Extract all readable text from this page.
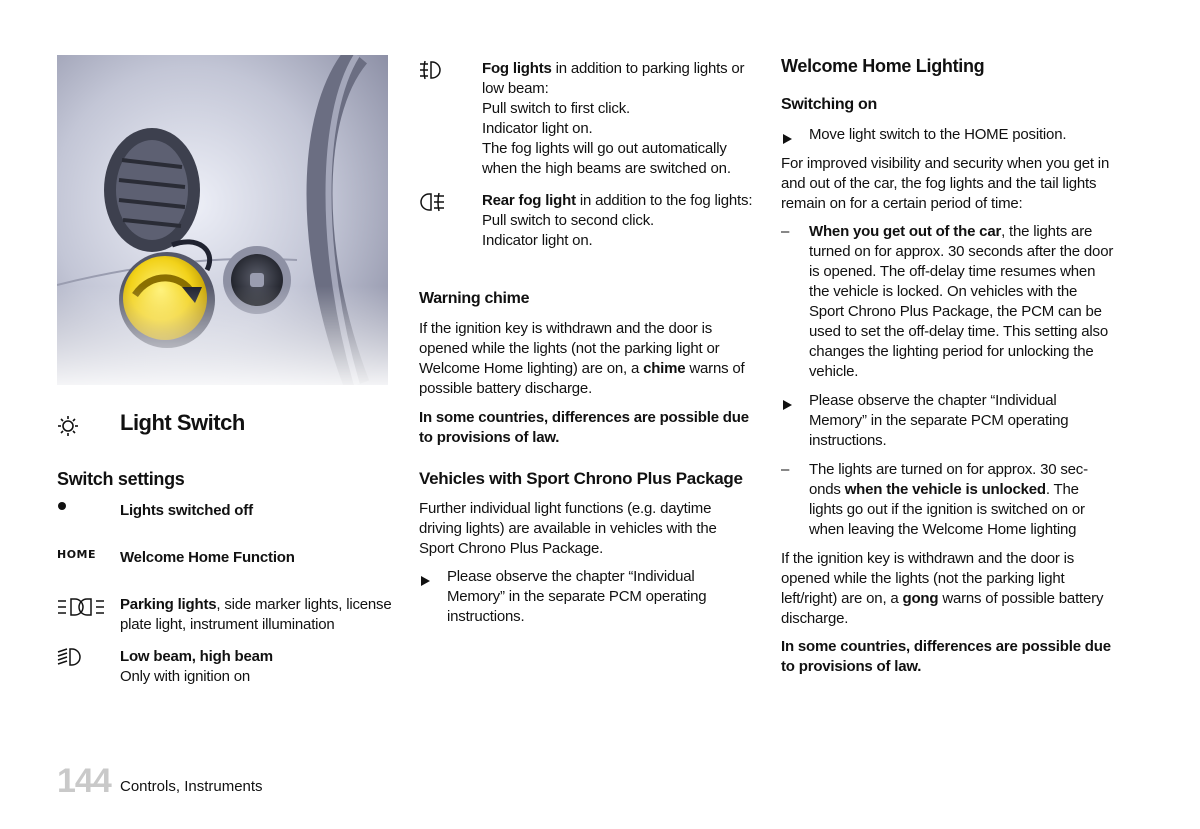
Light Switch
Switch settings
Lights switched off
HOME	Welcome Home Function
Parking lights, side marker lights, license plate light, instrument illumination
Low beam, high beam
Only with ignition on
Fog lights in addition to parking lights or low beam:
Pull switch to first click.
Indicator light on.
The fog lights will go out automatically when the high beams are switched on.
Rear fog light in addition to the fog lights:
Pull switch to second click.
Indicator light on.
Warning chime
If the ignition key is withdrawn and the door is opened while the lights (not the parking light or Welcome Home lighting) are on, a chime warns of possible battery discharge.
In some countries, differences are possible due to provisions of law.
Vehicles with Sport Chrono Plus Package
Further individual light functions (e.g. daytime driving lights) are available in vehicles with the Sport Chrono Plus Package.
Please observe the chapter “Individual Memory” in the separate PCM operating instructions.
Welcome Home Lighting
Switching on
Move light switch to the HOME position.
For improved visibility and security when you get in and out of the car, the fog lights and the tail lights remain on for a certain period of time:
–	When you get out of the car, the lights are turned on for approx. 30 seconds after the door is opened. The off-delay time resumes when the vehicle is locked. On vehicles with the Sport Chrono Plus Package, the PCM can be used to set the off-delay time. This setting also changes the lighting period for unlocking the vehicle.
Please observe the chapter “Individual Memory” in the separate PCM operating instructions.
–	The lights are turned on for approx. 30 sec-onds when the vehicle is unlocked. The lights go out if the ignition is switched on or when leaving the Welcome Home lighting
If the ignition key is withdrawn and the door is opened while the lights (not the parking light left/right) are on, a gong warns of possible battery discharge.
In some countries, differences are possible due to provisions of law.
144 Controls, Instruments
